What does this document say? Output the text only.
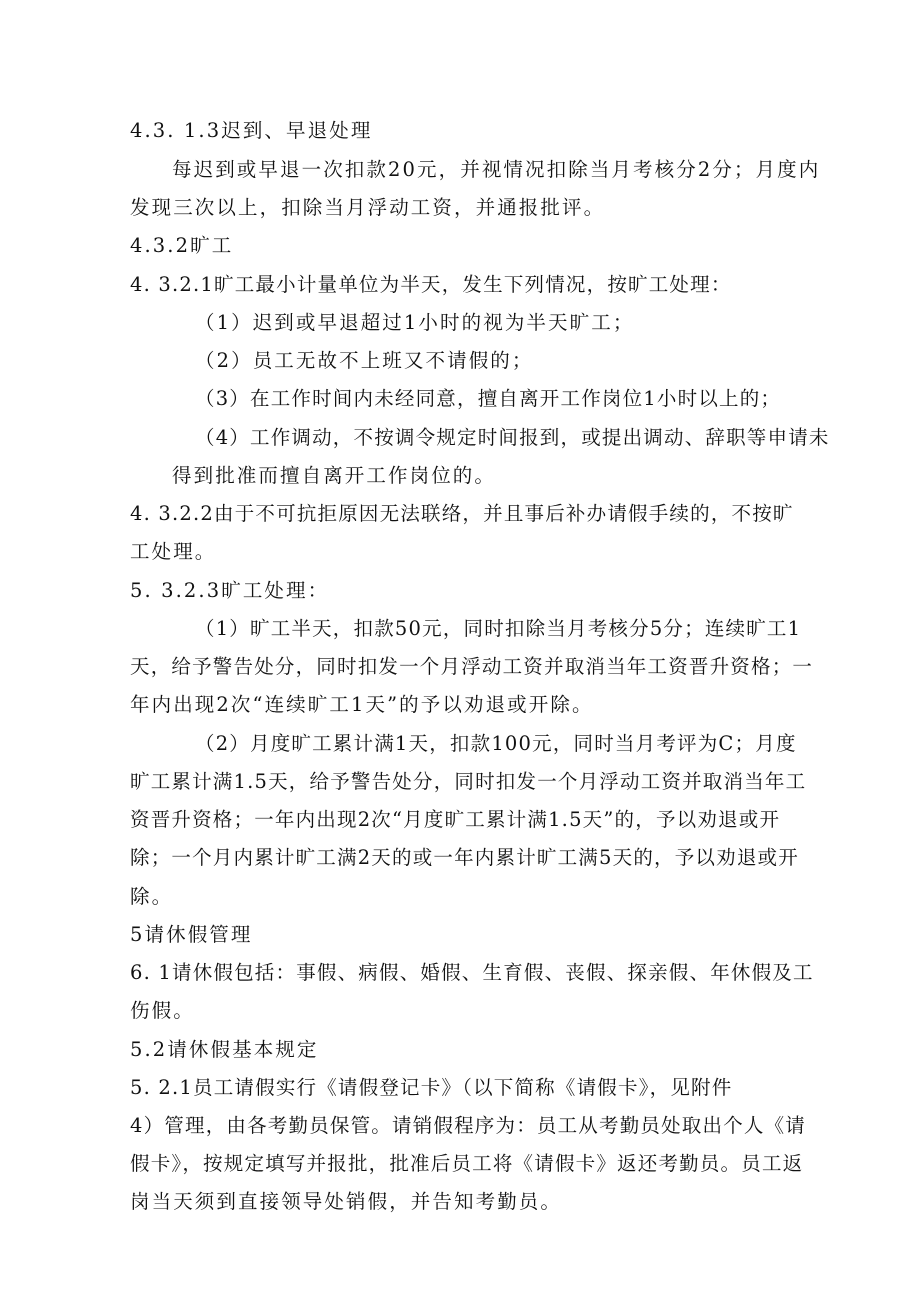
4.3. 1.3迟到、早退处理
每迟到或早退一次扣款20元，并视情况扣除当月考核分2分；月度内
发现三次以上，扣除当月浮动工资，并通报批评。
4.3.2旷工
4. 3.2.1旷工最小计量单位为半天，发生下列情况，按旷工处理：
（1）迟到或早退超过1小时的视为半天旷工；
（2）员工无故不上班又不请假的；
（3）在工作时间内未经同意，擅自离开工作岗位1小时以上的；
（4）工作调动，不按调令规定时间报到，或提出调动、辞职等申请未
得到批准而擅自离开工作岗位的。
4. 3.2.2由于不可抗拒原因无法联络，并且事后补办请假手续的，不按旷
工处理。
5. 3.2.3旷工处理：
（1）旷工半天，扣款50元，同时扣除当月考核分5分；连续旷工1
天，给予警告处分，同时扣发一个月浮动工资并取消当年工资晋升资格；一
年内出现2次“连续旷工1天”的予以劝退或开除。
（2）月度旷工累计满1天，扣款100元，同时当月考评为C；月度
旷工累计满1.5天，给予警告处分，同时扣发一个月浮动工资并取消当年工
资晋升资格；一年内出现2次“月度旷工累计满1.5天”的，予以劝退或开
除；一个月内累计旷工满2天的或一年内累计旷工满5天的，予以劝退或开
除。
5请休假管理
6. 1请休假包括：事假、病假、婚假、生育假、丧假、探亲假、年休假及工
伤假。
5.2请休假基本规定
5. 2.1员工请假实行《请假登记卡》（以下简称《请假卡》，见附件
4）管理，由各考勤员保管。请销假程序为：员工从考勤员处取出个人《请
假卡》，按规定填写并报批，批准后员工将《请假卡》返还考勤员。员工返
岗当天须到直接领导处销假，并告知考勤员。
